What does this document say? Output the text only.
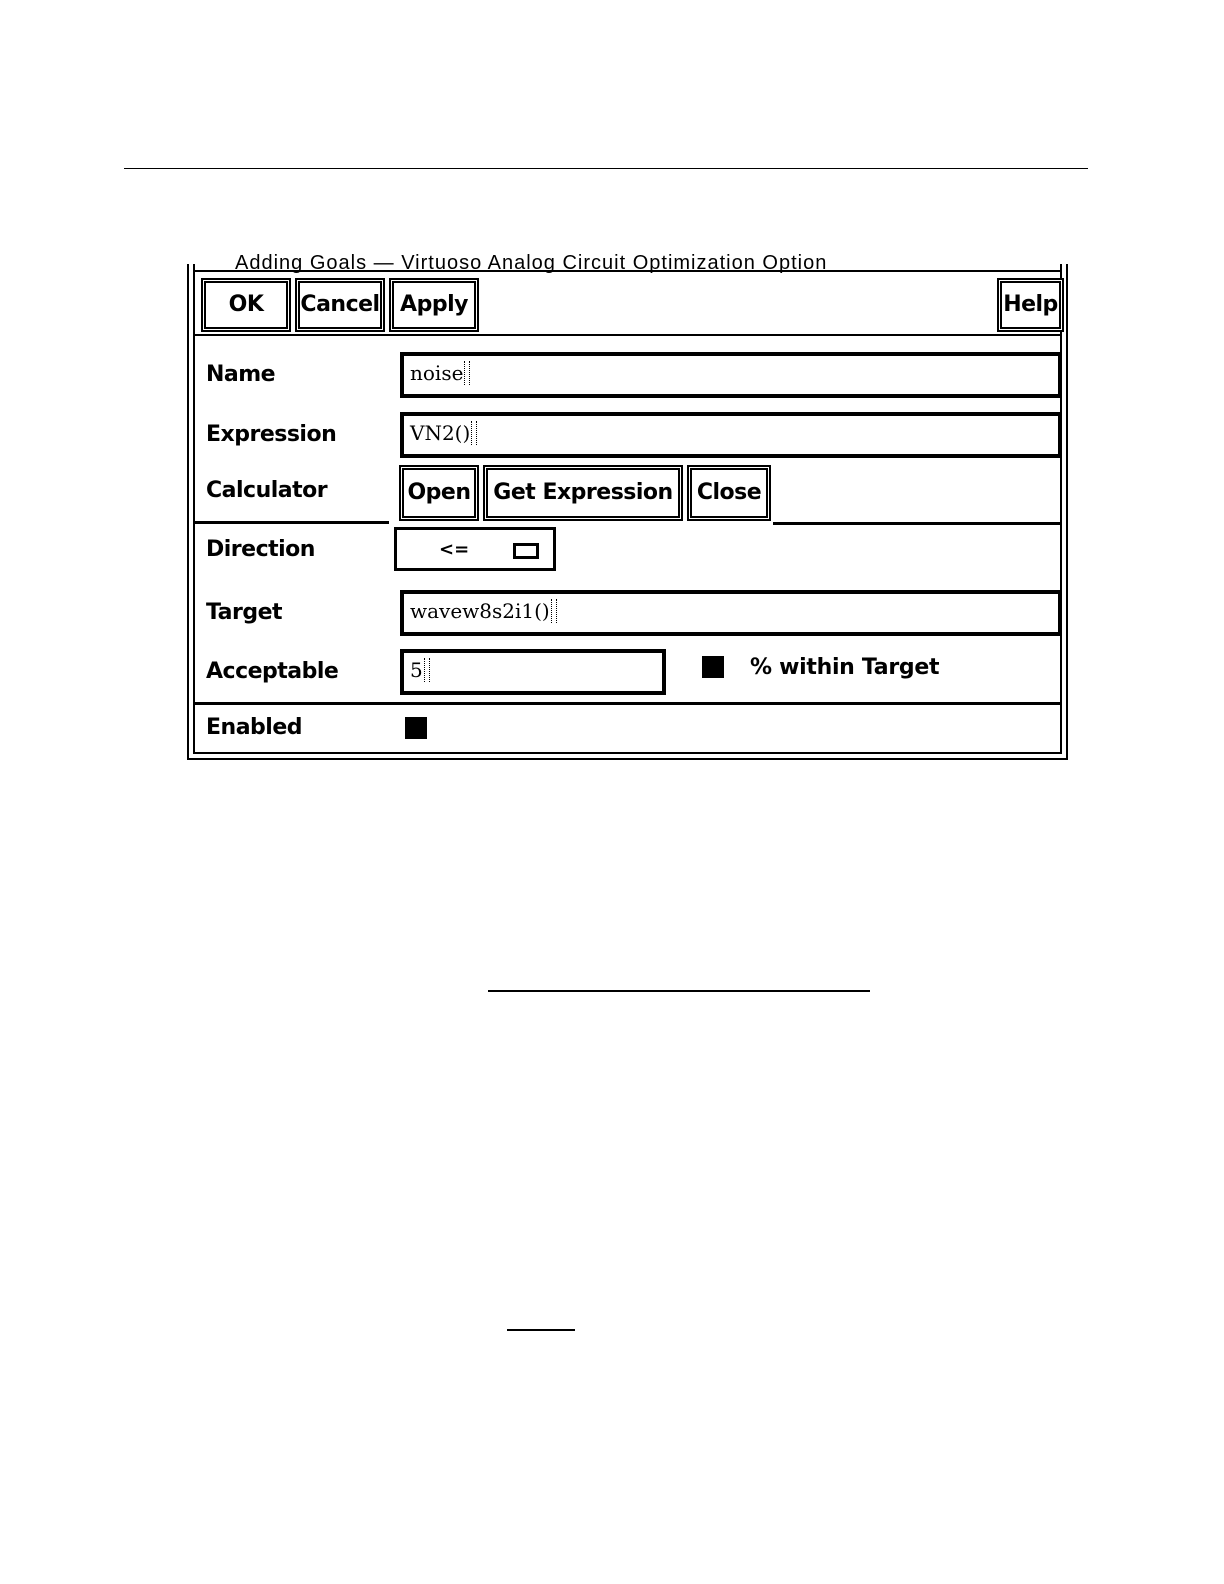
Adding Goals — Virtuoso Analog Circuit Optimization Option
OK	Cancel Apply	Help
Name	noise
Expression	VN2()
Calculator	Open	Get Expression	Close
Direction	<=
Target	wavew8s2i1()
Acceptable	5	% within Target
Enabled
